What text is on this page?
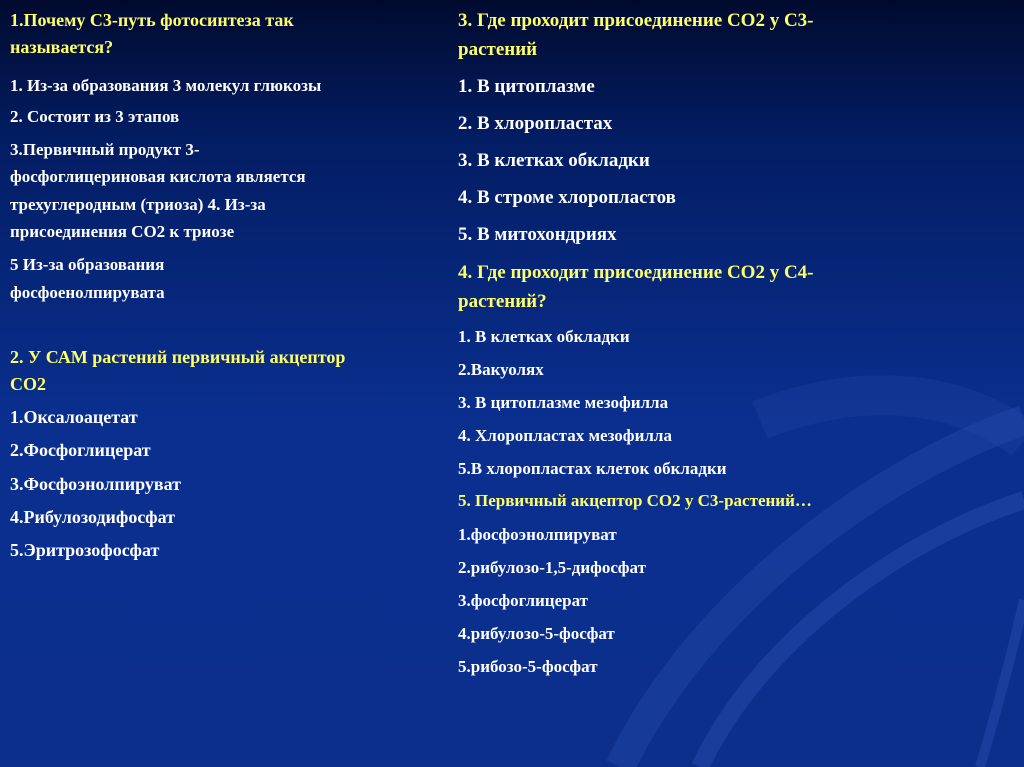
1.Почему С3-путь фотосинтеза так
называется?
1. Из-за образования 3 молекул глюкозы
2. Состоит из 3 этапов
3.Первичный продукт 3-
фосфоглицериновая кислота является
трехуглеродным (триоза) 4. Из-за
присоединения СО2 к триозе
5 Из-за образования
фосфоенолпирувата
2. У САМ растений первичный акцептор
СО2
1.Оксалоацетат
2.Фосфоглицерат
3.Фосфоэнолпируват
4.Рибулозодифосфат
5.Эритрозофосфат
3. Где проходит присоединение СО2 у С3-
растений
1. В цитоплазме
2. В хлоропластах
3. В клетках обкладки
4. В строме хлоропластов
5. В митохондриях
4. Где проходит присоединение СО2 у С4-
растений?
1. В клетках обкладки
2.Вакуолях
3. В цитоплазме мезофилла
4. Хлоропластах мезофилла
5.В хлоропластах клеток обкладки
5. Первичный акцептор СО2 у С3-растений…
1.фосфоэнолпируват
2.рибулозо-1,5-дифосфат
3.фосфоглицерат
4.рибулозо-5-фосфат
5.рибозо-5-фосфат
